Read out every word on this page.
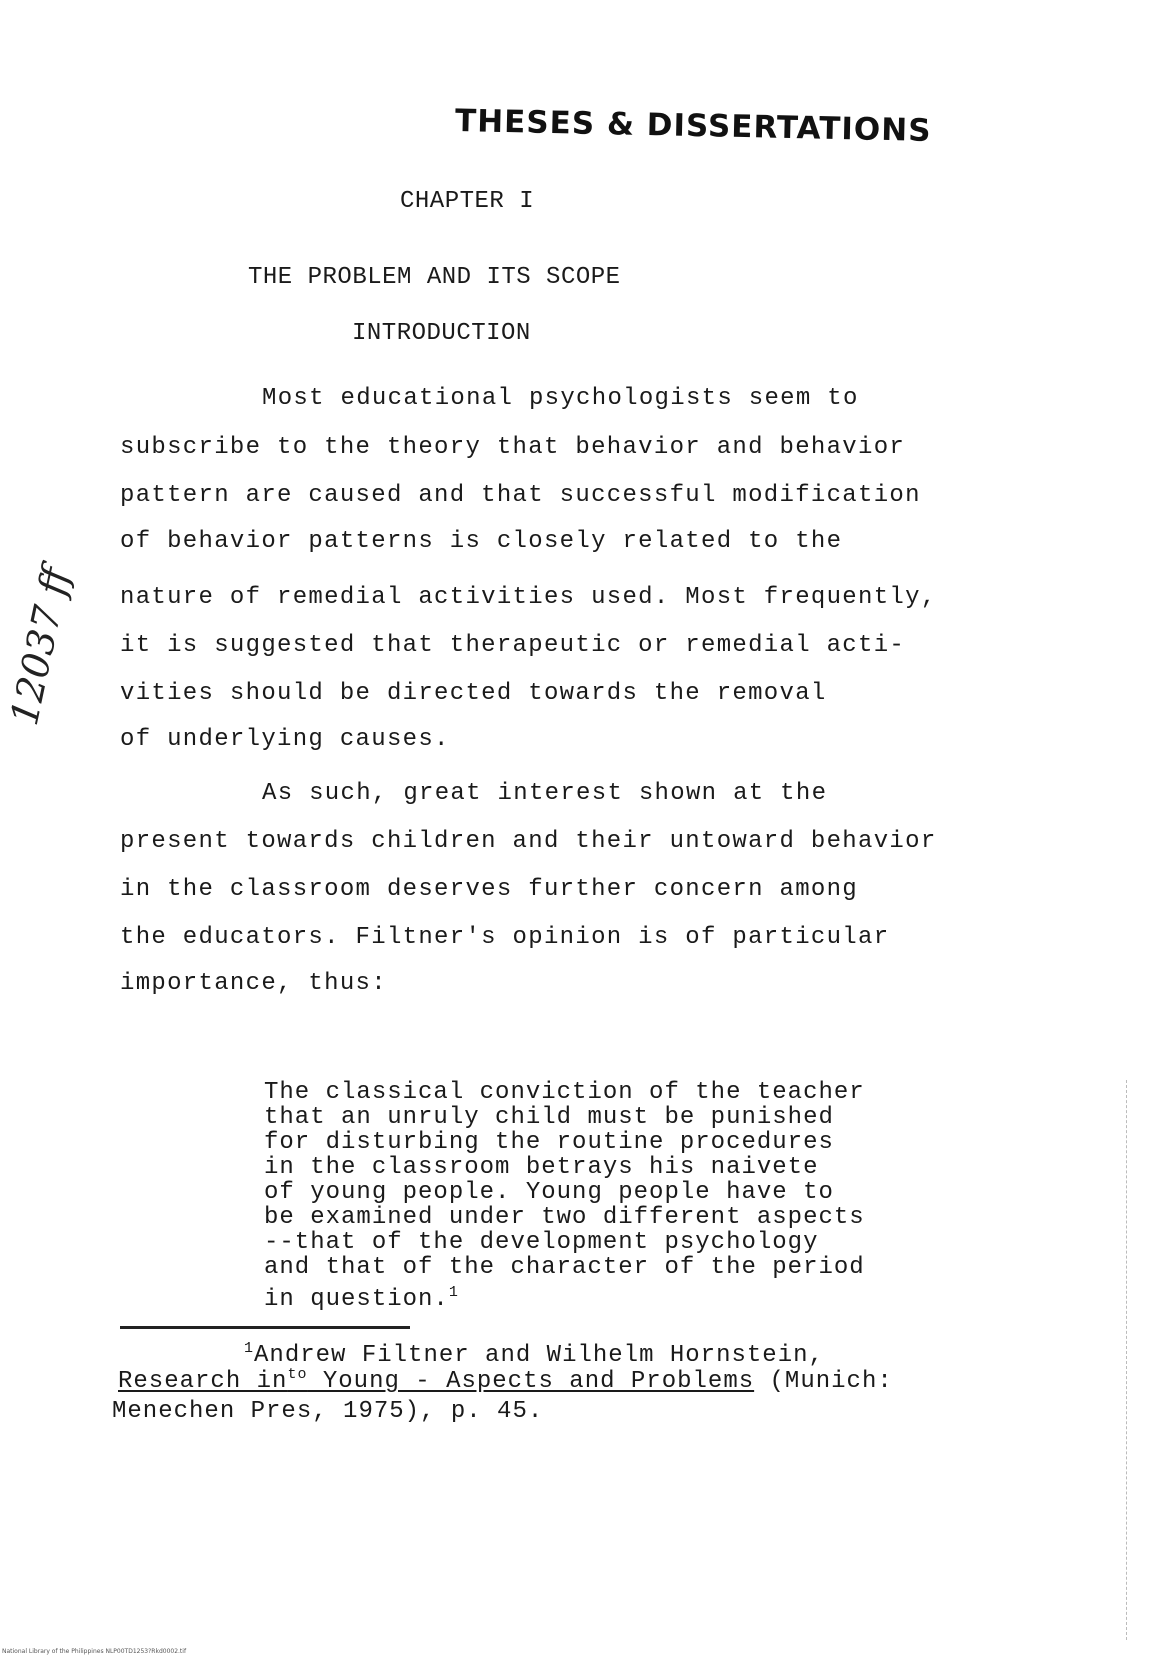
THESES & DISSERTATIONS
CHAPTER I
THE PROBLEM AND ITS SCOPE
INTRODUCTION
Most educational psychologists seem to
subscribe to the theory that behavior and behavior
pattern are caused and that successful modification
of behavior patterns is closely related to the
nature of remedial activities used. Most frequently,
it is suggested that therapeutic or remedial acti-
vities should be directed towards the removal
of underlying causes.
As such, great interest shown at the
present towards children and their untoward behavior
in the classroom deserves further concern among
the educators. Filtner's opinion is of particular
importance, thus:
The classical conviction of the teacher
that an unruly child must be punished
for disturbing the routine procedures
in the classroom betrays his naivete
of young people. Young people have to
be examined under two different aspects
--that of the development psychology
and that of the character of the period
in question.$^1$
$^1$Andrew Filtner and Wilhelm Hornstein,
Research $in^{to}$ Young - Aspects and Problems (Munich:
Menechen Pres, 1975), p. 45.
12037 ff
National Library of the Philippines NLP00TD1253?Rkd0002.tif
